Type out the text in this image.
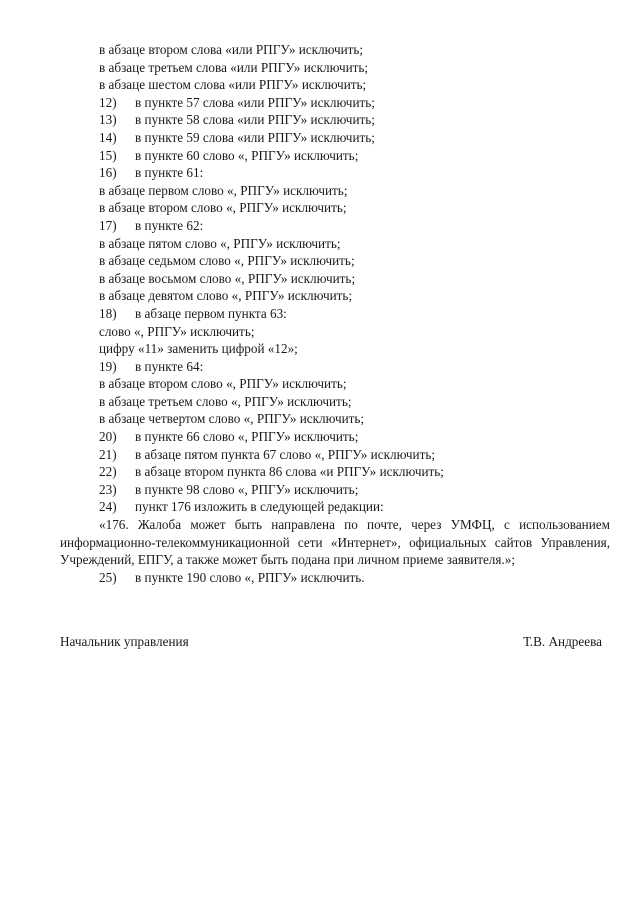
в абзаце втором слова «или РПГУ» исключить;
в абзаце третьем слова «или РПГУ» исключить;
в абзаце шестом слова «или РПГУ» исключить;
12) в пункте 57 слова «или РПГУ» исключить;
13) в пункте 58 слова «или РПГУ» исключить;
14) в пункте 59 слова «или РПГУ» исключить;
15) в пункте 60 слово «, РПГУ» исключить;
16) в пункте 61:
в абзаце первом слово «, РПГУ» исключить;
в абзаце втором слово «, РПГУ» исключить;
17) в пункте 62:
в абзаце пятом слово «, РПГУ» исключить;
в абзаце седьмом слово «, РПГУ» исключить;
в абзаце восьмом слово «, РПГУ» исключить;
в абзаце девятом слово «, РПГУ» исключить;
18) в абзаце первом пункта 63:
слово «, РПГУ» исключить;
цифру «11» заменить цифрой «12»;
19) в пункте 64:
в абзаце втором слово «, РПГУ» исключить;
в абзаце третьем слово «, РПГУ» исключить;
в абзаце четвертом слово «, РПГУ» исключить;
20) в пункте 66 слово «, РПГУ» исключить;
21) в абзаце пятом пункта 67 слово «, РПГУ» исключить;
22) в абзаце втором пункта 86 слова «и РПГУ» исключить;
23) в пункте 98 слово «, РПГУ» исключить;
24) пункт 176 изложить в следующей редакции:
«176. Жалоба может быть направлена по почте, через УМФЦ, с использованием информационно-телекоммуникационной сети «Интернет», официальных сайтов Управления, Учреждений, ЕПГУ, а также может быть подана при личном приеме заявителя.»;
25) в пункте 190 слово «, РПГУ» исключить.
Начальник управления	Т.В. Андреева
